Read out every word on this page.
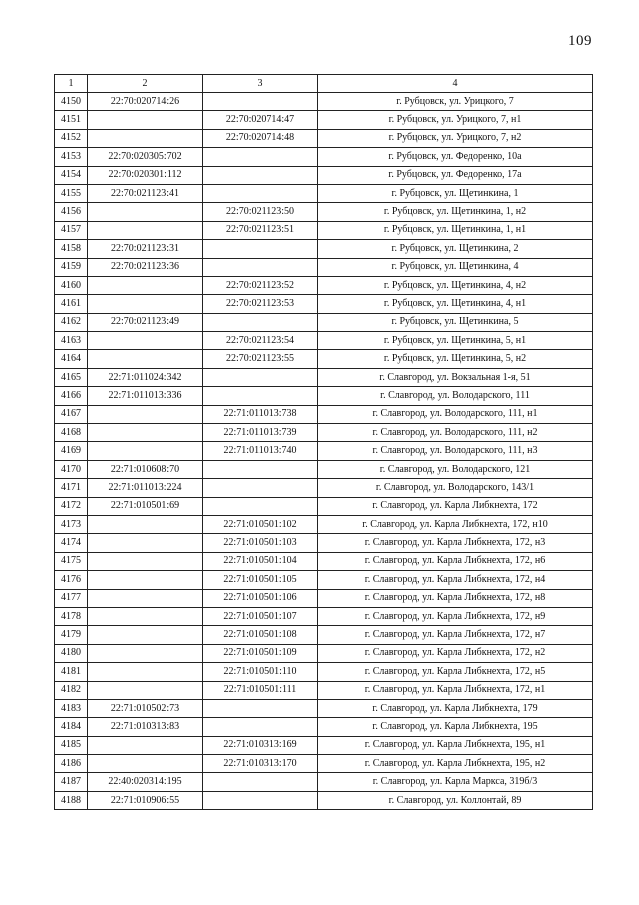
109
1	2	3	4
4150	22:70:020714:26		г. Рубцовск, ул. Урицкого, 7
4151		22:70:020714:47	г. Рубцовск, ул. Урицкого, 7, н1
4152		22:70:020714:48	г. Рубцовск, ул. Урицкого, 7, н2
4153	22:70:020305:702		г. Рубцовск, ул. Федоренко, 10а
4154	22:70:020301:112		г. Рубцовск, ул. Федоренко, 17а
4155	22:70:021123:41		г. Рубцовск, ул. Щетинкина, 1
4156		22:70:021123:50	г. Рубцовск, ул. Щетинкина, 1, н2
4157		22:70:021123:51	г. Рубцовск, ул. Щетинкина, 1, н1
4158	22:70:021123:31		г. Рубцовск, ул. Щетинкина, 2
4159	22:70:021123:36		г. Рубцовск, ул. Щетинкина, 4
4160		22:70:021123:52	г. Рубцовск, ул. Щетинкина, 4, н2
4161		22:70:021123:53	г. Рубцовск, ул. Щетинкина, 4, н1
4162	22:70:021123:49		г. Рубцовск, ул. Щетинкина, 5
4163		22:70:021123:54	г. Рубцовск, ул. Щетинкина, 5, н1
4164		22:70:021123:55	г. Рубцовск, ул. Щетинкина, 5, н2
4165	22:71:011024:342		г. Славгород, ул. Вокзальная 1-я, 51
4166	22:71:011013:336		г. Славгород, ул. Володарского, 111
4167		22:71:011013:738	г. Славгород, ул. Володарского, 111, н1
4168		22:71:011013:739	г. Славгород, ул. Володарского, 111, н2
4169		22:71:011013:740	г. Славгород, ул. Володарского, 111, н3
4170	22:71:010608:70		г. Славгород, ул. Володарского, 121
4171	22:71:011013:224		г. Славгород, ул. Володарского, 143/1
4172	22:71:010501:69		г. Славгород, ул. Карла Либкнехта, 172
4173		22:71:010501:102	г. Славгород, ул. Карла Либкнехта, 172, н10
4174		22:71:010501:103	г. Славгород, ул. Карла Либкнехта, 172, н3
4175		22:71:010501:104	г. Славгород, ул. Карла Либкнехта, 172, н6
4176		22:71:010501:105	г. Славгород, ул. Карла Либкнехта, 172, н4
4177		22:71:010501:106	г. Славгород, ул. Карла Либкнехта, 172, н8
4178		22:71:010501:107	г. Славгород, ул. Карла Либкнехта, 172, н9
4179		22:71:010501:108	г. Славгород, ул. Карла Либкнехта, 172, н7
4180		22:71:010501:109	г. Славгород, ул. Карла Либкнехта, 172, н2
4181		22:71:010501:110	г. Славгород, ул. Карла Либкнехта, 172, н5
4182		22:71:010501:111	г. Славгород, ул. Карла Либкнехта, 172, н1
4183	22:71:010502:73		г. Славгород, ул. Карла Либкнехта, 179
4184	22:71:010313:83		г. Славгород, ул. Карла Либкнехта, 195
4185		22:71:010313:169	г. Славгород, ул. Карла Либкнехта, 195, н1
4186		22:71:010313:170	г. Славгород, ул. Карла Либкнехта, 195, н2
4187	22:40:020314:195		г. Славгород, ул. Карла Маркса, 319б/3
4188	22:71:010906:55		г. Славгород, ул. Коллонтай, 89
